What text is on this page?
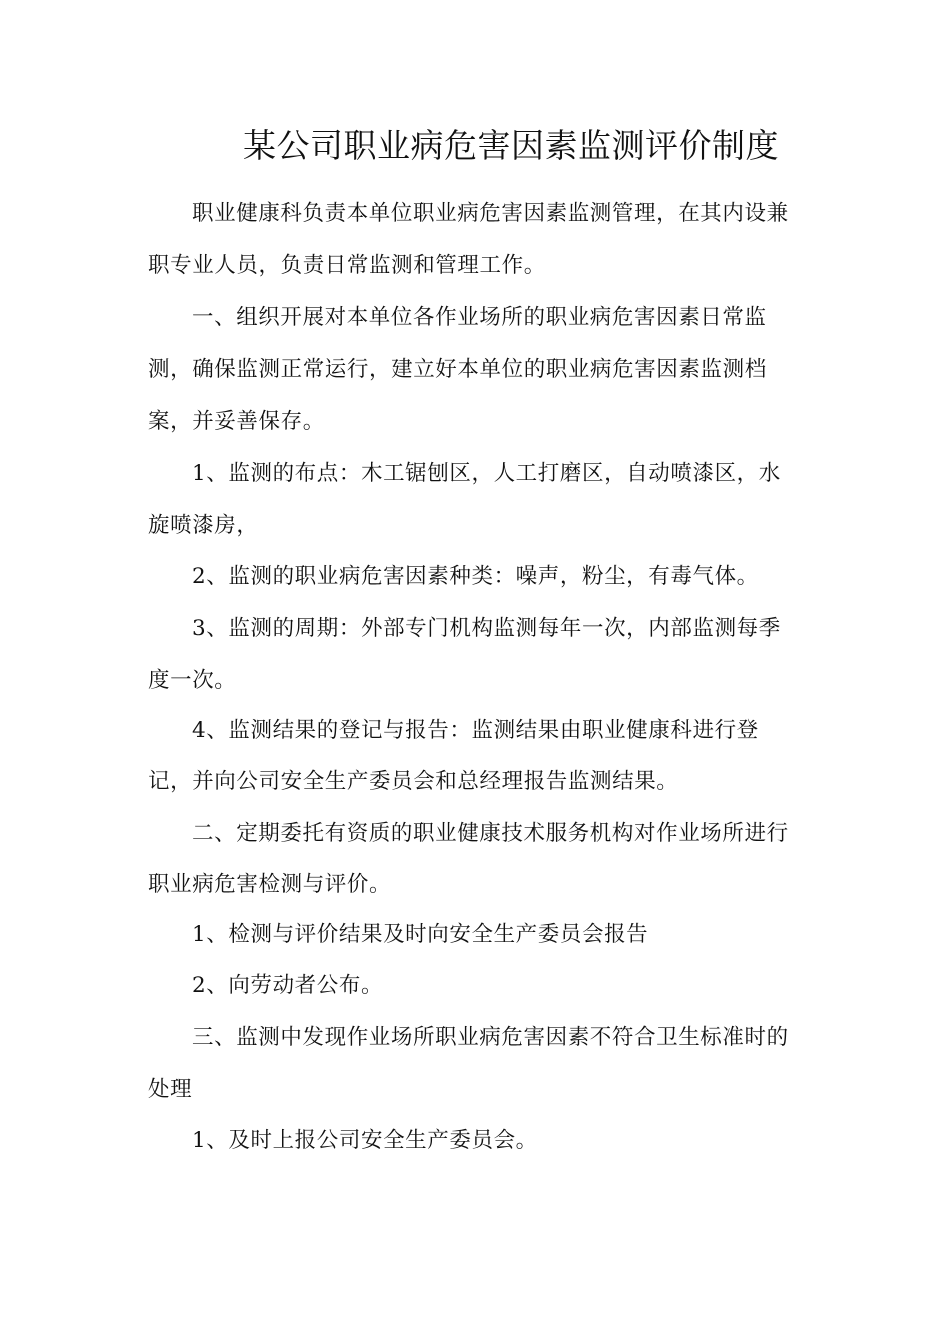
某公司职业病危害因素监测评价制度
职业健康科负责本单位职业病危害因素监测管理，在其内设兼
职专业人员，负责日常监测和管理工作。
一、组织开展对本单位各作业场所的职业病危害因素日常监
测，确保监测正常运行，建立好本单位的职业病危害因素监测档
案，并妥善保存。
1、监测的布点：木工锯刨区，人工打磨区，自动喷漆区，水
旋喷漆房，
2、监测的职业病危害因素种类：噪声，粉尘，有毒气体。
3、监测的周期：外部专门机构监测每年一次，内部监测每季
度一次。
4、监测结果的登记与报告：监测结果由职业健康科进行登
记，并向公司安全生产委员会和总经理报告监测结果。
二、定期委托有资质的职业健康技术服务机构对作业场所进行
职业病危害检测与评价。
1、检测与评价结果及时向安全生产委员会报告
2、向劳动者公布。
三、监测中发现作业场所职业病危害因素不符合卫生标准时的
处理
1、及时上报公司安全生产委员会。
